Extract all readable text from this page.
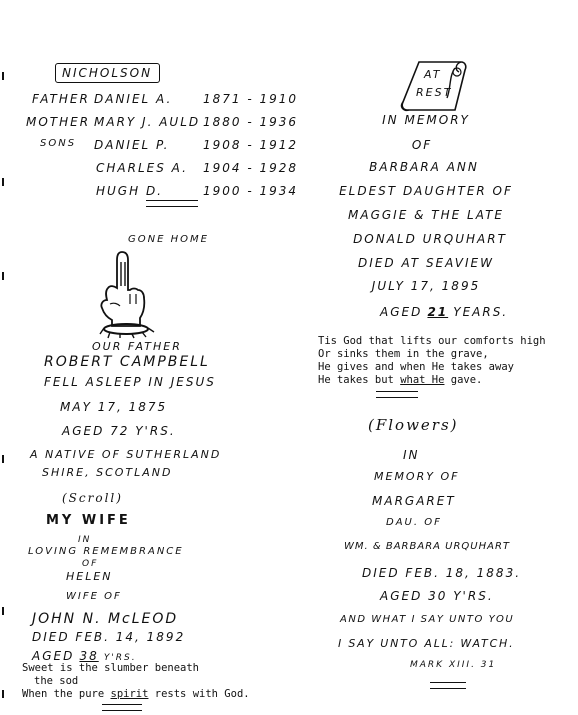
NICHOLSON
FATHER DANIEL A.	1871 - 1910
MOTHER MARY J. AULD 1880 - 1936
SONS DANIEL P.	1908 - 1912
CHARLES A. 1904 - 1928
HUGH D.	1900 - 1934
GONE HOME
OUR FATHER
ROBERT CAMPBELL
FELL ASLEEP IN JESUS
MAY 17, 1875
AGED 72 Y'RS.
A NATIVE OF SUTHERLAND
SHIRE, SCOTLAND
(Scroll)
MY WIFE
IN
LOVING REMEMBRANCE
OF
HELEN
WIFE OF
JOHN N. McLEOD
DIED FEB. 14, 1892
AGED 38 Y'RS.
Sweet is the slumber beneath
the sod
When the pure spirit rests with God.
AT
REST
IN MEMORY
OF
BARBARA ANN
ELDEST DAUGHTER OF
MAGGIE & THE LATE
DONALD URQUHART
DIED AT SEAVIEW
JULY 17, 1895
AGED 21 YEARS.
Tis God that lifts our comforts high
Or sinks them in the grave,
He gives and when He takes away
He takes but what He gave.
(Flowers)
IN
MEMORY OF
MARGARET
DAU. OF
WM. & BARBARA URQUHART
DIED FEB. 18, 1883.
AGED 30 Y'RS.
AND WHAT I SAY UNTO YOU
I SAY UNTO ALL: WATCH.
MARK XIII. 31
